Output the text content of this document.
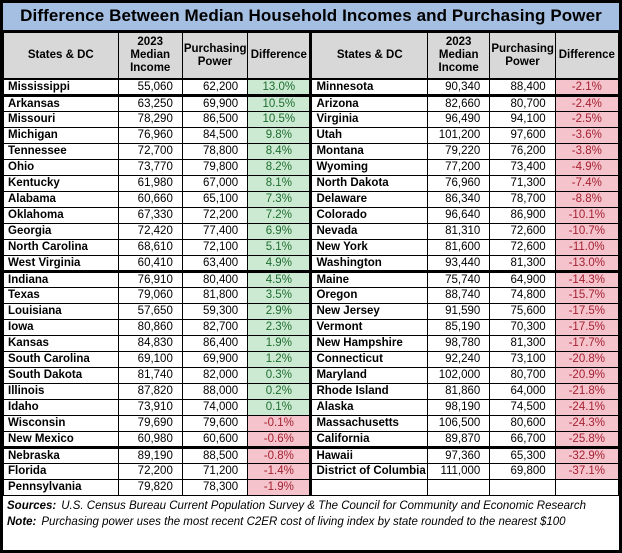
Difference Between Median Household Incomes and Purchasing Power
States & DC	2023 Median Income	Purchasing Power	Difference	States & DC	2023 Median Income	Purchasing Power	Difference
Mississippi	55,060	62,200	13.0%	Minnesota	90,340	88,400	-2.1%
Arkansas	63,250	69,900	10.5%	Arizona	82,660	80,700	-2.4%
Missouri	78,290	86,500	10.5%	Virginia	96,490	94,100	-2.5%
Michigan	76,960	84,500	9.8%	Utah	101,200	97,600	-3.6%
Tennessee	72,700	78,800	8.4%	Montana	79,220	76,200	-3.8%
Ohio	73,770	79,800	8.2%	Wyoming	77,200	73,400	-4.9%
Kentucky	61,980	67,000	8.1%	North Dakota	76,960	71,300	-7.4%
Alabama	60,660	65,100	7.3%	Delaware	86,340	78,700	-8.8%
Oklahoma	67,330	72,200	7.2%	Colorado	96,640	86,900	-10.1%
Georgia	72,420	77,400	6.9%	Nevada	81,310	72,600	-10.7%
North Carolina	68,610	72,100	5.1%	New York	81,600	72,600	-11.0%
West Virginia	60,410	63,400	4.9%	Washington	93,440	81,300	-13.0%
Indiana	76,910	80,400	4.5%	Maine	75,740	64,900	-14.3%
Texas	79,060	81,800	3.5%	Oregon	88,740	74,800	-15.7%
Louisiana	57,650	59,300	2.9%	New Jersey	91,590	75,600	-17.5%
Iowa	80,860	82,700	2.3%	Vermont	85,190	70,300	-17.5%
Kansas	84,830	86,400	1.9%	New Hampshire	98,780	81,300	-17.7%
South Carolina	69,100	69,900	1.2%	Connecticut	92,240	73,100	-20.8%
South Dakota	81,740	82,000	0.3%	Maryland	102,000	80,700	-20.9%
Illinois	87,820	88,000	0.2%	Rhode Island	81,860	64,000	-21.8%
Idaho	73,910	74,000	0.1%	Alaska	98,190	74,500	-24.1%
Wisconsin	79,690	79,600	-0.1%	Massachusetts	106,500	80,600	-24.3%
New Mexico	60,980	60,600	-0.6%	California	89,870	66,700	-25.8%
Nebraska	89,190	88,500	-0.8%	Hawaii	97,360	65,300	-32.9%
Florida	72,200	71,200	-1.4%	District of Columbia	111,000	69,800	-37.1%
Pennsylvania	79,820	78,300	-1.9%				
Sources: U.S. Census Bureau Current Population Survey & The Council for Community and Economic Research
Note: Purchasing power uses the most recent C2ER cost of living index by state rounded to the nearest $100
